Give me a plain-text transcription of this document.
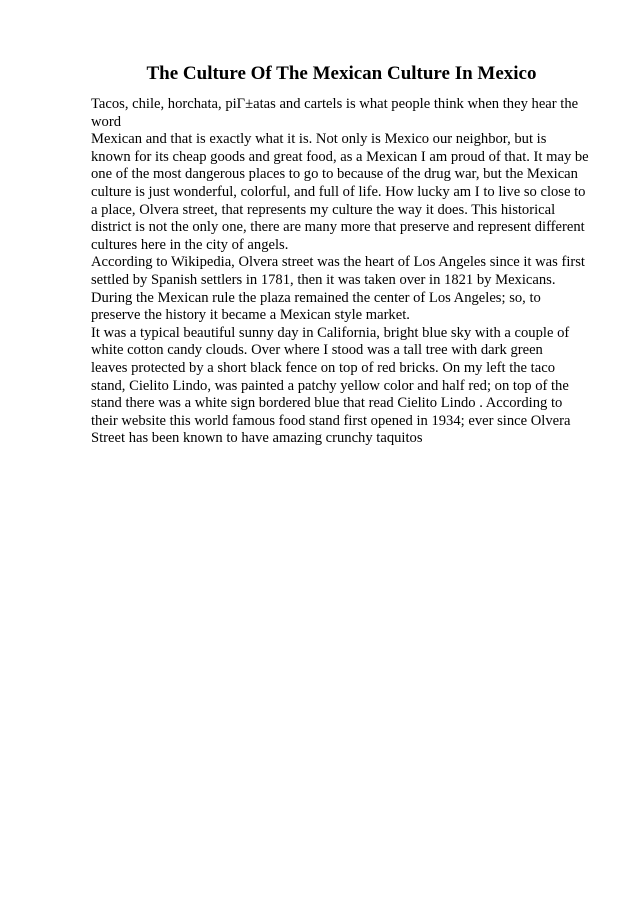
The Culture Of The Mexican Culture In Mexico
Tacos, chile, horchata, piГ±atas and cartels is what people think when they hear the
word
Mexican and that is exactly what it is. Not only is Mexico our neighbor, but is
known for its cheap goods and great food, as a Mexican I am proud of that. It may be
one of the most dangerous places to go to because of the drug war, but the Mexican
culture is just wonderful, colorful, and full of life. How lucky am I to live so close to
a place, Olvera street, that represents my culture the way it does. This historical
district is not the only one, there are many more that preserve and represent different
cultures here in the city of angels.
According to Wikipedia, Olvera street was the heart of Los Angeles since it was first
settled by Spanish settlers in 1781, then it was taken over in 1821 by Mexicans.
During the Mexican rule the plaza remained the center of Los Angeles; so, to
preserve the history it became a Mexican style market.
It was a typical beautiful sunny day in California, bright blue sky with a couple of
white cotton candy clouds. Over where I stood was a tall tree with dark green
leaves protected by a short black fence on top of red bricks. On my left the taco
stand, Cielito Lindo, was painted a patchy yellow color and half red; on top of the
stand there was a white sign bordered blue that read Cielito Lindo . According to
their website this world famous food stand first opened in 1934; ever since Olvera
Street has been known to have amazing crunchy taquitos
